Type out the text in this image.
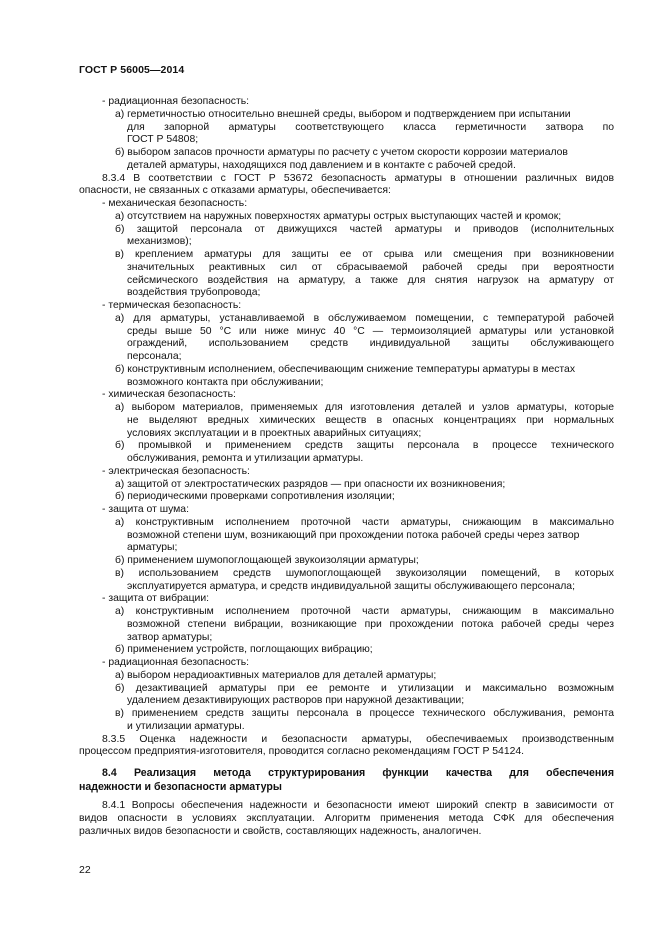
ГОСТ Р 56005—2014
- радиационная безопасность:
а) герметичностью относительно внешней среды, выбором и подтверждением при испытании
для запорной арматуры соответствующего класса герметичности затвора по
ГОСТ Р 54808;
б) выбором запасов прочности арматуры по расчету с учетом скорости коррозии материалов
деталей арматуры, находящихся под давлением и в контакте с рабочей средой.
8.3.4 В соответствии с ГОСТ Р 53672 безопасность арматуры в отношении различных видов
опасности, не связанных с отказами арматуры, обеспечивается:
- механическая безопасность:
а) отсутствием на наружных поверхностях арматуры острых выступающих частей и кромок;
б) защитой персонала от движущихся частей арматуры и приводов (исполнительных
механизмов);
в) креплением арматуры для защиты ее от срыва или смещения при возникновении
значительных реактивных сил от сбрасываемой рабочей среды при вероятности
сейсмического воздействия на арматуру, а также для снятия нагрузок на арматуру от
воздействия трубопровода;
- термическая безопасность:
а) для арматуры, устанавливаемой в обслуживаемом помещении, с температурой рабочей
среды выше 50 °С или ниже минус 40 °С — термоизоляцией арматуры или установкой
ограждений, использованием средств индивидуальной защиты обслуживающего
персонала;
б) конструктивным исполнением, обеспечивающим снижение температуры арматуры в местах
возможного контакта при обслуживании;
- химическая безопасность:
а) выбором материалов, применяемых для изготовления деталей и узлов арматуры, которые
не выделяют вредных химических веществ в опасных концентрациях при нормальных
условиях эксплуатации и в проектных аварийных ситуациях;
б) промывкой и применением средств защиты персонала в процессе технического
обслуживания, ремонта и утилизации арматуры.
- электрическая безопасность:
а) защитой от электростатических разрядов — при опасности их возникновения;
б) периодическими проверками сопротивления изоляции;
- защита от шума:
а) конструктивным исполнением проточной части арматуры, снижающим в максимально
возможной степени шум, возникающий при прохождении потока рабочей среды через затвор
арматуры;
б) применением шумопоглощающей звукоизоляции арматуры;
в) использованием средств шумопоглощающей звукоизоляции помещений, в которых
эксплуатируется арматура, и средств индивидуальной защиты обслуживающего персонала;
- защита от вибрации:
а) конструктивным исполнением проточной части арматуры, снижающим в максимально
возможной степени вибрации, возникающие при прохождении потока рабочей среды через
затвор арматуры;
б) применением устройств, поглощающих вибрацию;
- радиационная безопасность:
а) выбором нерадиоактивных материалов для деталей арматуры;
б) дезактивацией арматуры при ее ремонте и утилизации и максимально возможным
удалением дезактивирующих растворов при наружной дезактивации;
в) применением средств защиты персонала в процессе технического обслуживания, ремонта
и утилизации арматуры.
8.3.5 Оценка надежности и безопасности арматуры, обеспечиваемых производственным
процессом предприятия-изготовителя, проводится согласно рекомендациям ГОСТ Р 54124.
8.4 Реализация метода структурирования функции качества для обеспечения
надежности и безопасности арматуры
8.4.1 Вопросы обеспечения надежности и безопасности имеют широкий спектр в зависимости от
видов опасности в условиях эксплуатации. Алгоритм применения метода СФК для обеспечения
различных видов безопасности и свойств, составляющих надежность, аналогичен.
22
